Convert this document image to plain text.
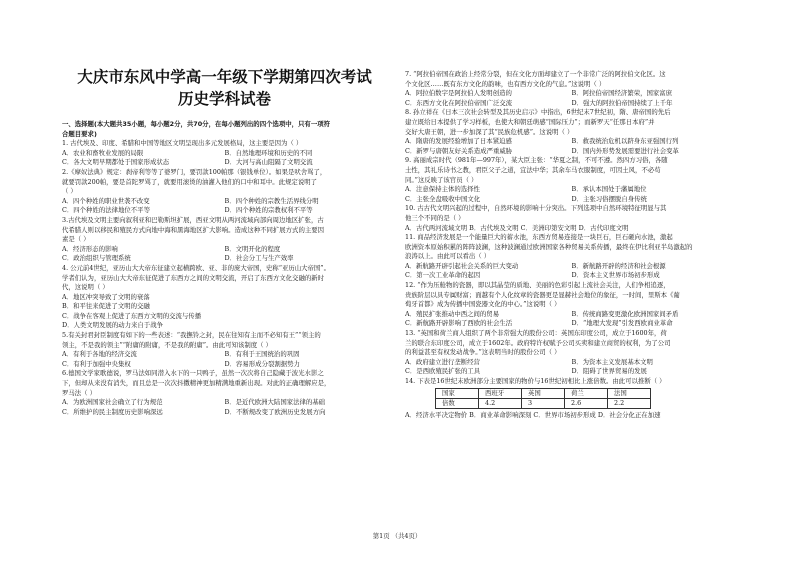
大庆市东风中学高一年级下学期第四次考试
历史学科试卷
一、选择题(本大题共35小题，每小题2分，共70分，在每小题列出的四个选项中，只有一项符
合题目要求)
1. 古代埃及、印度、希腊和中国等地区文明呈现出多元发展格局，这主要是因为（ ）
A．农业和畜牧业发展的局限	B．自然地理环境和历史的不同
C．各大文明早期都处于国家形成状态	D．大河与高山阻隔了文明交流
2.《摩奴法典》规定：刹帝利等等了婆罗门，要罚款100帕那（银钱单位）。如果是吠舍骂了，
就要罚款200帕，要是首陀罗骂了，就要用滚烫的油灌入他们的口中和耳中。此规定说明了
（ ）
A．四个种姓的职业世袭不改变	B．四个种姓的宗教生活界线分明
C．四个种姓的法律地位不平等	D．四个种姓的宗教权利不平等
3.古代埃及文明主要向叙利亚和巴勒斯坦扩展，西亚文明从两河流域向部向周边地区扩张，古
代希腊人则以移民和殖民方式向地中海和黑海地区扩大影响。造成这种不同扩展方式的主要因
素是（ ）
A．经济形态的影响	B．文明开化的程度
C．政治组织与管理系统	D．社会分工与生产效率
4. 公元前4世纪，亚历山大大帝东征建立起横跨欧、亚、非的庞大帝国，史称“亚历山大帝国”。
学者们认为，亚历山大大帝东征促进了东西方之间的文明交流，开启了东西方文化交融的新时
代，这说明（ ）
A．地区冲突导致了文明的衰落
B．和平往来促进了文明的交融
C．战争在客观上促进了东西方文明的交流与传播
D．人类文明发展的动力来自于战争
5.有关封君封臣制度有如下的一些表述：“我撫铃之封，民在往知有主而不必知有王”“领主的
领主，不是我的领主”“附庸的附庸，不是我的附庸”。由此可知该制度（ ）
A．有利于各地的经济交流	B．有利于王国统治的巩固
C．有利于加强中央集权	D．容易形成分裂割据势力
6.德国文学家歌德说，罗马法如同潜入水下的一只鸭子，虽然一次次将自己隐藏于波光水影之
下，但却从来没有消失，而且总是一次次抖擞精神更加精满地重新出现。对此的正确理解应是，
罗马法（ ）
A．为欧洲国家社会确立了行为规范	B．是近代欧洲大陆国家法律的基础
C．所维护的民主制度历史影响深远	D．不断规改变了欧洲历史发展方向
7. “阿拉伯帝国在政治上经常分裂，但在文化方面却建立了一个非常广泛的阿拉伯文化区。这
个文化区……既有东方文化的韵味，也有西方文化的气息。”这说明（ ）
A．阿拉伯数字是阿拉伯人发明创造的	B．阿拉伯帝国经济繁荣，国家富庶
C．东西方文化在阿拉伯帝国广泛交流	D．强大的阿拉伯帝国持续了上千年
8. 孙立祥在《日本三次社会转型及其历史启示》中指出，6世纪末7世纪初，隋、唐帝国的先后
建立既给日本提供了学习样板，也使大和朝廷萌感“国际压力”；而新罗天“任那日本府”并
交好大唐王朝，进一步加深了其“民族危机感”。这说明（ ）
A．隋唐的发展经验增加了日本紧迫感	B．救我统治危机以跻身东亚强国行列
C．新罗与唐朝友好关系造成严重威胁	D．国内外形势发展需要进行社会变革
9. 高丽成宗时代（981年—997年），某大臣主张：“华夏之制，不可不遵。然四方习俗，各随
土性，其礼乐诗书之教，君臣父子之道，宜法中华；其余车马衣服制度，可因土风，不必苟
同。”这反映了该官员（ ）
A．注意保持主体的选择性	B．承认本国处于藩属地位
C．主张全盘吸收中国文化	D．主张习俗摆脱自身传统
10. 古古代文明兴起的过程中，自然环境的影响十分突出。下列选项中自然环境特征明显与其
他三个不同的是（ ）
A．古代两河流域文明 B．古代埃及文明 C．美洲印第安文明 D．古代印度文明
11. 商品经济发展是一个能量巨大的蓄水池，东西方贸易连接是一块巨石，巨石砸向水池，激起
欧洲资本原始积累的阵阵波澜，这种波澜通过欧洲国家各种贸易关系传播，最终在伊比利亚半岛激起的
浪涛以上。由此可以看出（ ）
A．新航路开辟引起社会关系的巨大变动	B．新航路开辟的经济和社会根源
C．第一次工业革命的起因	D．资本主义世界市场初步形成
12. “作为压舱物的瓷器，即以其晶莹的质地、美丽的色彩引起上流社会关注，人们争相追逐，
贵族阶层以具专属财富；面越有个人化纹章的瓷器更是显赫社会地位的象征，一时间，里斯本《葡
萄牙首都》成为传播中国瓷器文化的中心。”这说明（ ）
A．殖民扩张推动中西之间的贸易	B．传统商路变更激化欧洲国家间矛盾
C．新航路开辟影响了西欧的社会生活	D．“地理大发现”引发西欧商业革命
13. “英国和荷兰商人组织了两个非常强大的股份公司：英国东印度公司，成立于1600年，荷
兰的联合东印度公司，成立于1602年。政府特许权赋予公司买卖和建立商贸的权利，为了公司
的利益甚至有权发动战争。”这表明当时的股份公司（ ）
A．政府建立进行垄断经营	B．为资本主义发展基本文明
C．是西欧殖民扩张的工具	D．阻碍了世界贸易的发展
14. 下表是16世纪末欧洲部分主要国家的物价与16世纪初相比上涨倍数。由此可以推断（ ）
国家	西班牙	英国	荷兰	法国
倍数	4.2	3	2.6	2.2
A．经济水平决定物价 B．商业革命影响深刻 C．世界市场初步形成 D．社会分化正在加速
第1页 （共4页）
